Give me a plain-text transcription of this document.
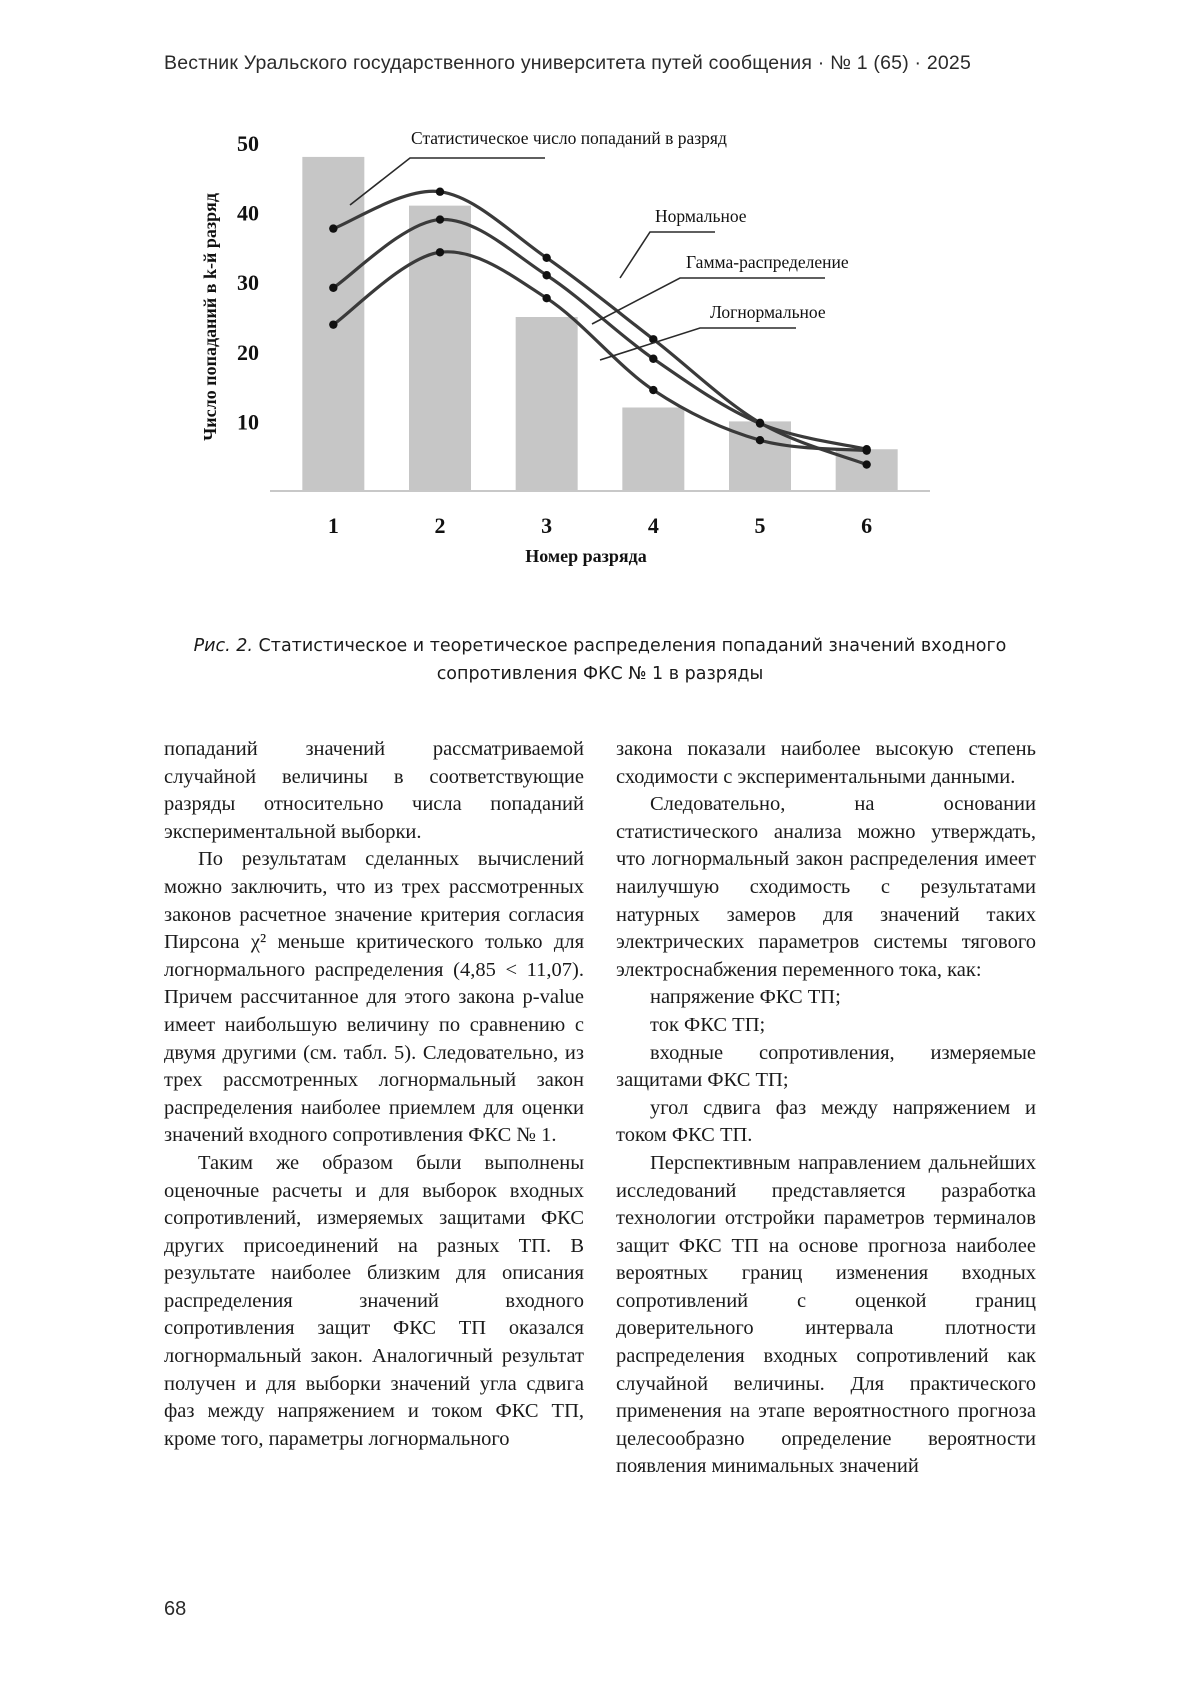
Вестник Уральского государственного университета путей сообщения · № 1 (65) · 2025
10
20
30
40
50
1	2	3	4	5	6
Статистическое число попаданий в разряд
Нормальное
Гамма-распределение
Логнормальное
Номер разряда
Число попаданий в k-й разряд
Рис. 2. Статистическое и теоретическое распределения попаданий значений входного сопротивления ФКС № 1 в разряды

попаданий значений рассматриваемой случайной величины в соответствующие разряды относительно числа попаданий экспериментальной выборки.

По результатам сделанных вычислений можно заключить, что из трех рассмотренных законов расчетное значение критерия согласия Пирсона χ² меньше критического только для логнормального распределения (4,85 < 11,07). Причем рассчитанное для этого закона p-value имеет наибольшую величину по сравнению с двумя другими (см. табл. 5). Следовательно, из трех рассмотренных логнормальный закон распределения наиболее приемлем для оценки значений входного сопротивления ФКС № 1.

Таким же образом были выполнены оценочные расчеты и для выборок входных сопротивлений, измеряемых защитами ФКС других присоединений на разных ТП. В результате наиболее близким для описания распределения значений входного сопротивления защит ФКС ТП оказался логнормальный закон. Аналогичный результат получен и для выборки значений угла сдвига фаз между напряжением и током ФКС ТП, кроме того, параметры логнормального

закона показали наиболее высокую степень сходимости с экспериментальными данными.

Следовательно, на основании статистического анализа можно утверждать, что логнормальный закон распределения имеет наилучшую сходимость с результатами натурных замеров для значений таких электрических параметров системы тягового электроснабжения переменного тока, как:

напряжение ФКС ТП;

ток ФКС ТП;

входные сопротивления, измеряемые защитами ФКС ТП;

угол сдвига фаз между напряжением и током ФКС ТП.

Перспективным направлением дальнейших исследований представляется разработка технологии отстройки параметров терминалов защит ФКС ТП на основе прогноза наиболее вероятных границ изменения входных сопротивлений с оценкой границ доверительного интервала плотности распределения входных сопротивлений как случайной величины. Для практического применения на этапе вероятностного прогноза целесообразно определение вероятности появления минимальных значений

68
